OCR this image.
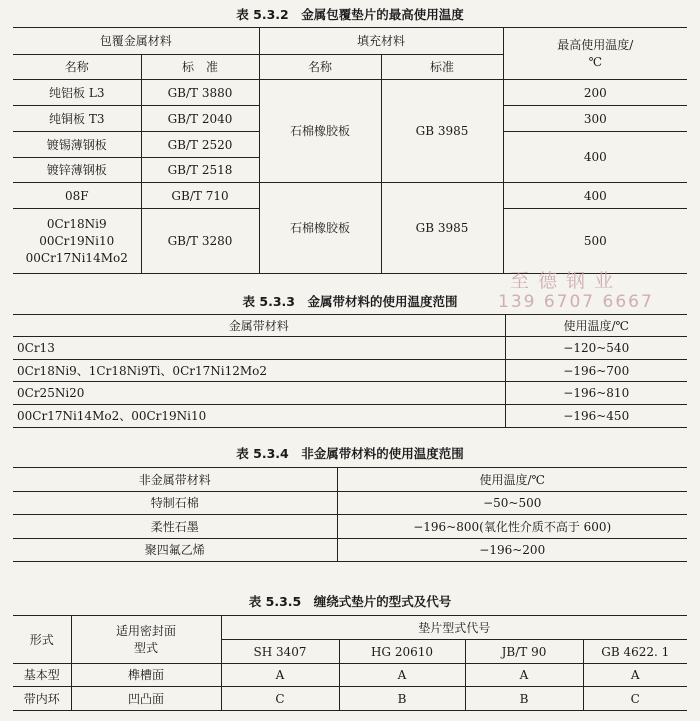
表 5.3.2　金属包覆垫片的最高使用温度
包覆金属材料		填充材料		最高使用温度/
℃
名称	标　准	名称	标准	
纯铝板 L3	GB/T 3880	石棉橡胶板	GB 3985	200
纯铜板 T3	GB/T 2040			300
镀锡薄钢板	GB/T 2520			400
镀锌薄钢板	GB/T 2518			
08F	GB/T 710	石棉橡胶板	GB 3985	400
0Cr18Ni9
00Cr19Ni10
00Cr17Ni14Mo2	GB/T 3280			500
至德钢业
139 6707 6667
表 5.3.3　金属带材料的使用温度范围
金属带材料	使用温度/℃
0Cr13	−120~540
0Cr18Ni9、1Cr18Ni9Ti、0Cr17Ni12Mo2	−196~700
0Cr25Ni20	−196~810
00Cr17Ni14Mo2、00Cr19Ni10	−196~450
表 5.3.4　非金属带材料的使用温度范围
非金属带材料	使用温度/℃
特制石棉	−50~500
柔性石墨	−196~800(氧化性介质不高于 600)
聚四氟乙烯	−196~200
表 5.3.5　缠绕式垫片的型式及代号
形式	适用密封面
型式	垫片型式代号			
		SH 3407	HG 20610	JB/T 90	GB 4622. 1
基本型	榫槽面	A	A	A	A
带内环	凹凸面	C	B	B	C
